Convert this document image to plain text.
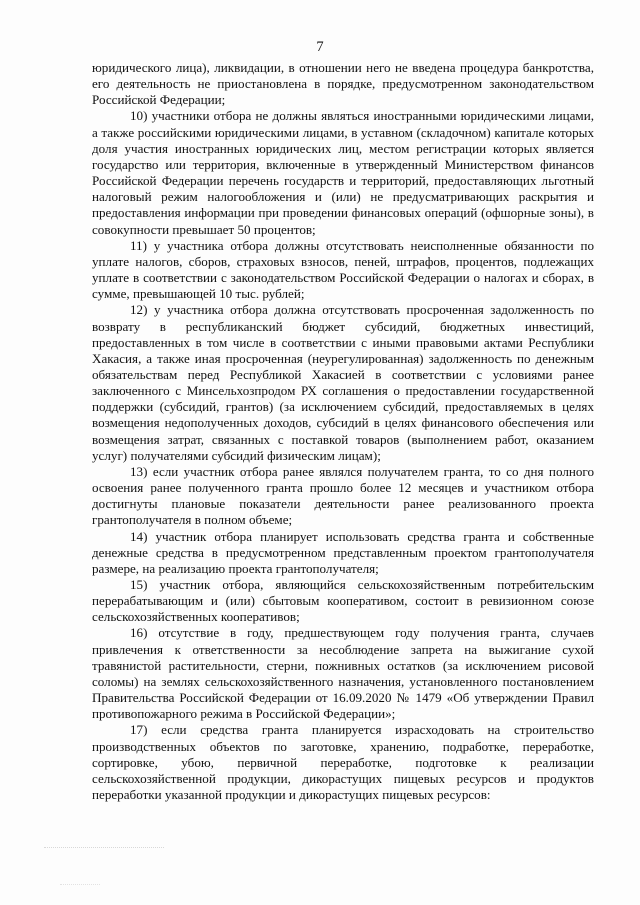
7

юридического лица), ликвидации, в отношении него не введена процедура банкротства, его деятельность не приостановлена в порядке, предусмотренном законодательством Российской Федерации;

10) участники отбора не должны являться иностранными юридическими лицами, а также российскими юридическими лицами, в уставном (складочном) капитале которых доля участия иностранных юридических лиц, местом регистрации которых является государство или территория, включенные в утвержденный Министерством финансов Российской Федерации перечень государств и территорий, предоставляющих льготный налоговый режим налогообложения и (или) не предусматривающих раскрытия и предоставления информации при проведении финансовых операций (офшорные зоны), в совокупности превышает 50 процентов;

11) у участника отбора должны отсутствовать неисполненные обязанности по уплате налогов, сборов, страховых взносов, пеней, штрафов, процентов, подлежащих уплате в соответствии с законодательством Российской Федерации о налогах и сборах, в сумме, превышающей 10 тыс. рублей;

12) у участника отбора должна отсутствовать просроченная задолженность по возврату в республиканский бюджет субсидий, бюджетных инвестиций, предоставленных в том числе в соответствии с иными правовыми актами Республики Хакасия, а также иная просроченная (неурегулированная) задолженность по денежным обязательствам перед Республикой Хакасией в соответствии с условиями ранее заключенного с Минсельхозпродом РХ соглашения о предоставлении государственной поддержки (субсидий, грантов) (за исключением субсидий, предоставляемых в целях возмещения недополученных доходов, субсидий в целях финансового обеспечения или возмещения затрат, связанных с поставкой товаров (выполнением работ, оказанием услуг) получателями субсидий физическим лицам);

13) если участник отбора ранее являлся получателем гранта, то со дня полного освоения ранее полученного гранта прошло более 12 месяцев и участником отбора достигнуты плановые показатели деятельности ранее реализованного проекта грантополучателя в полном объеме;

14) участник отбора планирует использовать средства гранта и собственные денежные средства в предусмотренном представленным проектом грантополучателя размере, на реализацию проекта грантополучателя;

15) участник отбора, являющийся сельскохозяйственным потребительским перерабатывающим и (или) сбытовым кооперативом, состоит в ревизионном союзе сельскохозяйственных кооперативов;

16) отсутствие в году, предшествующем году получения гранта, случаев привлечения к ответственности за несоблюдение запрета на выжигание сухой травянистой растительности, стерни, пожнивных остатков (за исключением рисовой соломы) на землях сельскохозяйственного назначения, установленного постановлением Правительства Российской Федерации от 16.09.2020 № 1479 «Об утверждении Правил противопожарного режима в Российской Федерации»;

17) если средства гранта планируется израсходовать на строительство производственных объектов по заготовке, хранению, подработке, переработке, сортировке, убою, первичной переработке, подготовке к реализации сельскохозяйственной продукции, дикорастущих пищевых ресурсов и продуктов переработки указанной продукции и дикорастущих пищевых ресурсов:
